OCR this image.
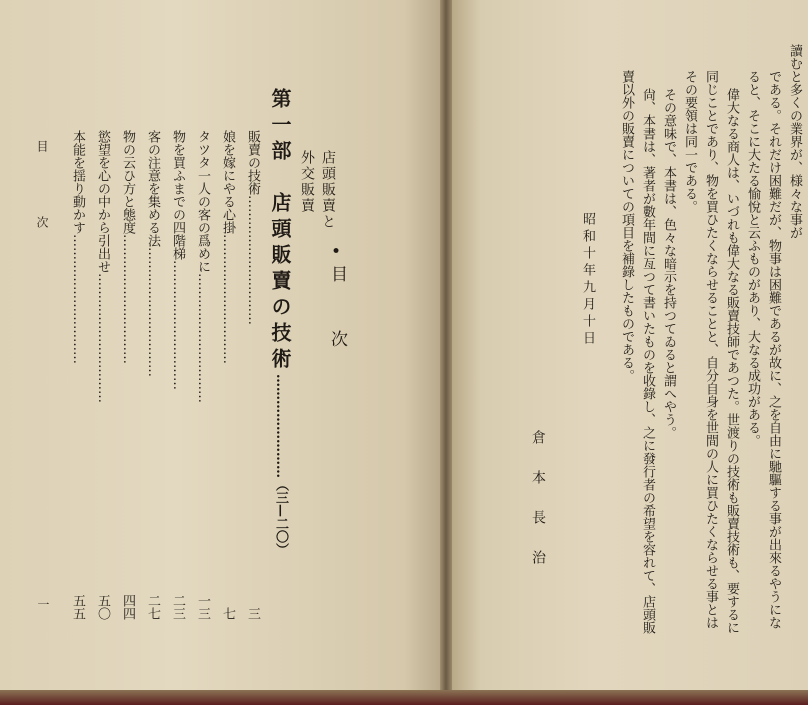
第一部　店頭販賣の技術……………………（三—二〇）

店頭販賣と

外交販賣

•

目

次

販賣の技術
…………………………
三
娘を嫁にやる心掛
…………………………
七
タツタ一人の客の爲めに
…………………………
一三
物を買ふまでの四階梯
…………………………
二三
客の注意を集める法
…………………………
二七
物の云ひ方と態度
…………………………
四四
慾望を心の中から引出せ
…………………………
五〇
本能を揺り動かす
…………………………
五五

目　次

一

讀むと多くの業界が、様々な事が

である。それだけ困難だが、物事は困難であるが故に、之を自由に馳驅する事が出來るやうにな

ると、そこに大たる愉悅と云ふものがあり、大なる成功がある。

偉大なる商人は、いづれも偉大なる販賣技師であつた。世渡りの技術も販賣技術も、要するに

同じことであり、物を買ひたくならせることと、自分自身を世間の人に買ひたくならせる事とは

その要領は同一である。

その意味で、本書は、色々な暗示を持つてゐると謂へやう。

尙、本書は、著者が數年間に亙つて書いたものを收錄し、之に發行者の希望を容れて、店頭販

賣以外の販賣についての項目を補錄したものである。

昭和十年九月十日

倉本長治
